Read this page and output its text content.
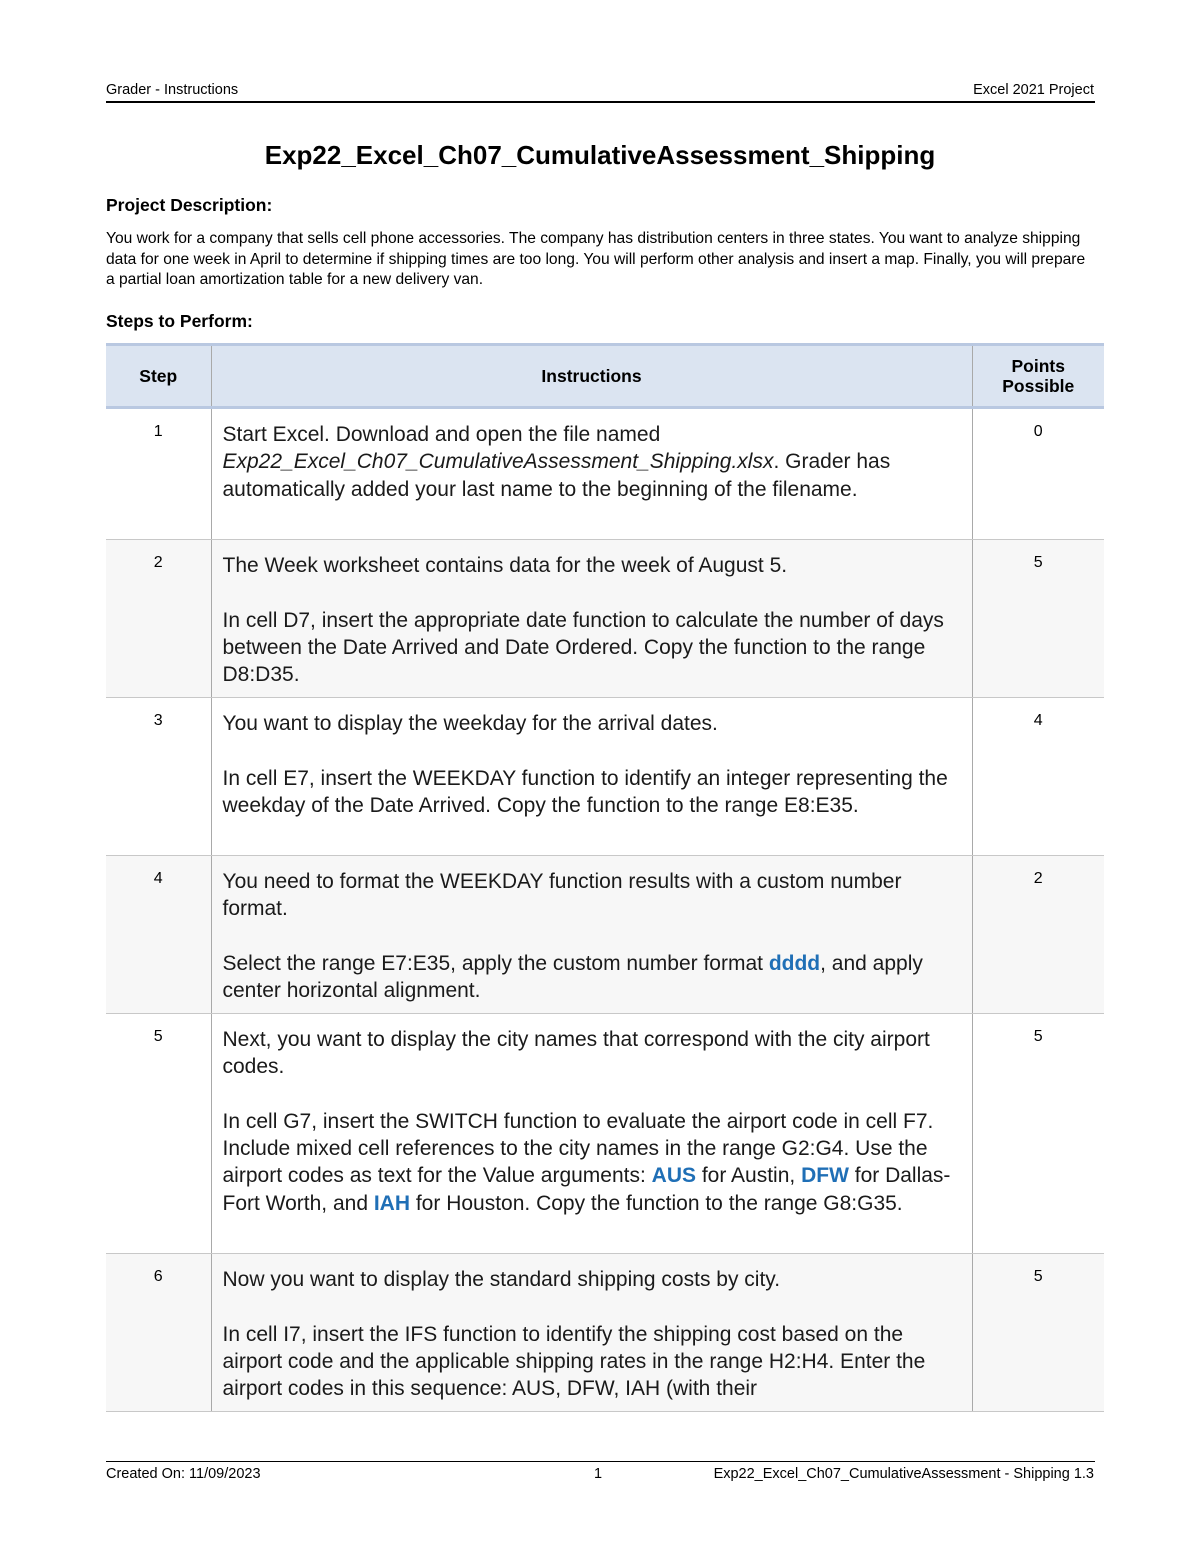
Grader - Instructions	Excel 2021 Project
Exp22_Excel_Ch07_CumulativeAssessment_Shipping
Project Description:
You work for a company that sells cell phone accessories. The company has distribution centers in three states. You want to analyze shipping data for one week in April to determine if shipping times are too long. You will perform other analysis and insert a map. Finally, you will prepare a partial loan amortization table for a new delivery van.
Steps to Perform:
Step	Instructions	Points
Possible
1	Start Excel. Download and open the file named Exp22_Excel_Ch07_CumulativeAssessment_Shipping.xlsx. Grader has automatically added your last name to the beginning of the filename.	0
2	The Week worksheet contains data for the week of August 5.

In cell D7, insert the appropriate date function to calculate the number of days between the Date Arrived and Date Ordered. Copy the function to the range D8:D35.	5
3	You want to display the weekday for the arrival dates.

In cell E7, insert the WEEKDAY function to identify an integer representing the weekday of the Date Arrived. Copy the function to the range E8:E35.	4
4	You need to format the WEEKDAY function results with a custom number format.

Select the range E7:E35, apply the custom number format dddd, and apply center horizontal alignment.	2
5	Next, you want to display the city names that correspond with the city airport codes.

In cell G7, insert the SWITCH function to evaluate the airport code in cell F7. Include mixed cell references to the city names in the range G2:G4. Use the airport codes as text for the Value arguments: AUS for Austin, DFW for Dallas-Fort Worth, and IAH for Houston. Copy the function to the range G8:G35.	5
6	Now you want to display the standard shipping costs by city.

In cell I7, insert the IFS function to identify the shipping cost based on the airport code and the applicable shipping rates in the range H2:H4. Enter the airport codes in this sequence: AUS, DFW, IAH (with their	5
Created On: 11/09/2023	1	Exp22_Excel_Ch07_CumulativeAssessment - Shipping 1.3
